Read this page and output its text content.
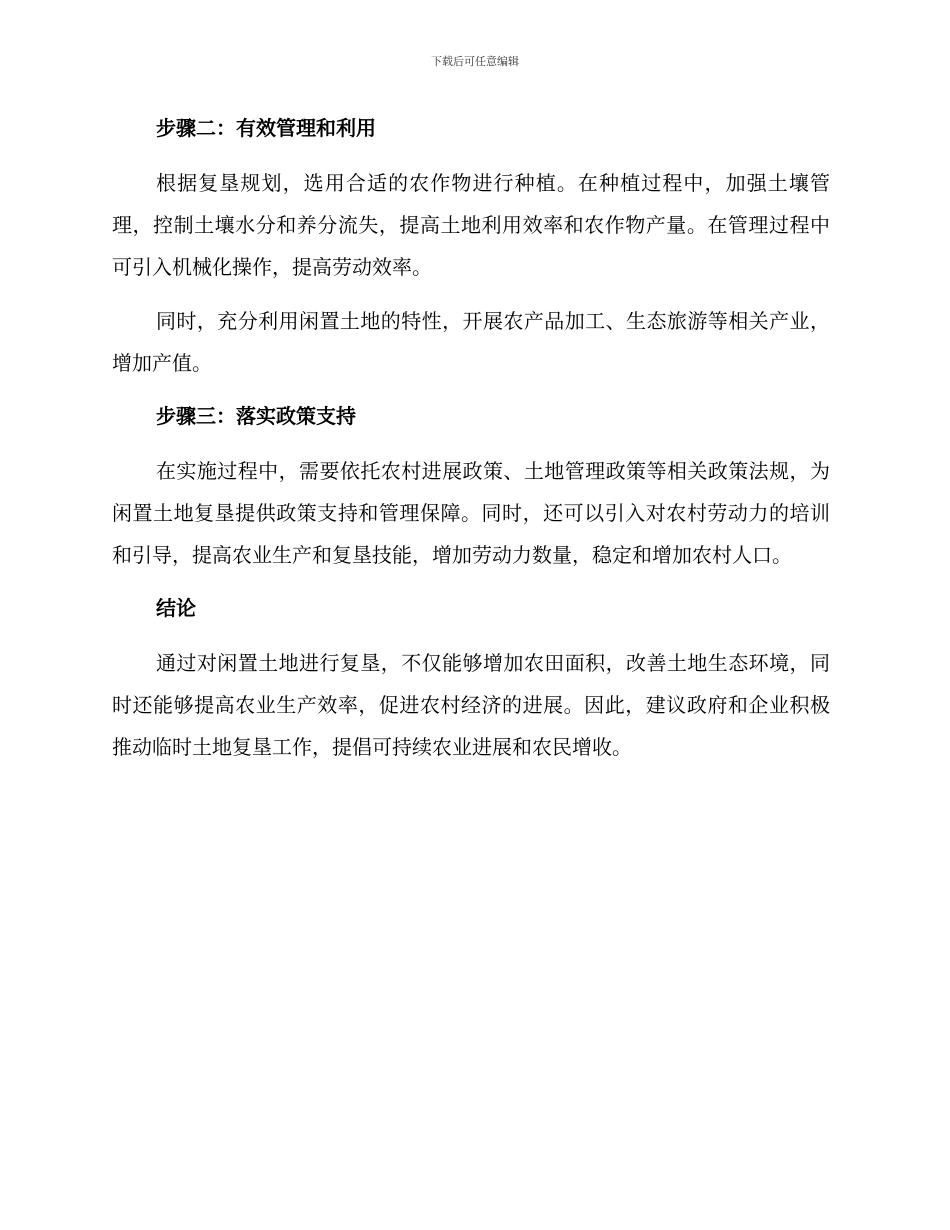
下载后可任意编辑
步骤二：有效管理和利用

根据复垦规划，选用合适的农作物进行种植。在种植过程中，加强土壤管理，控制土壤水分和养分流失，提高土地利用效率和农作物产量。在管理过程中可引入机械化操作，提高劳动效率。

同时，充分利用闲置土地的特性，开展农产品加工、生态旅游等相关产业，增加产值。

步骤三：落实政策支持

在实施过程中，需要依托农村进展政策、土地管理政策等相关政策法规，为闲置土地复垦提供政策支持和管理保障。同时，还可以引入对农村劳动力的培训和引导，提高农业生产和复垦技能，增加劳动力数量，稳定和增加农村人口。

结论

通过对闲置土地进行复垦，不仅能够增加农田面积，改善土地生态环境，同时还能够提高农业生产效率，促进农村经济的进展。因此，建议政府和企业积极推动临时土地复垦工作，提倡可持续农业进展和农民增收。
